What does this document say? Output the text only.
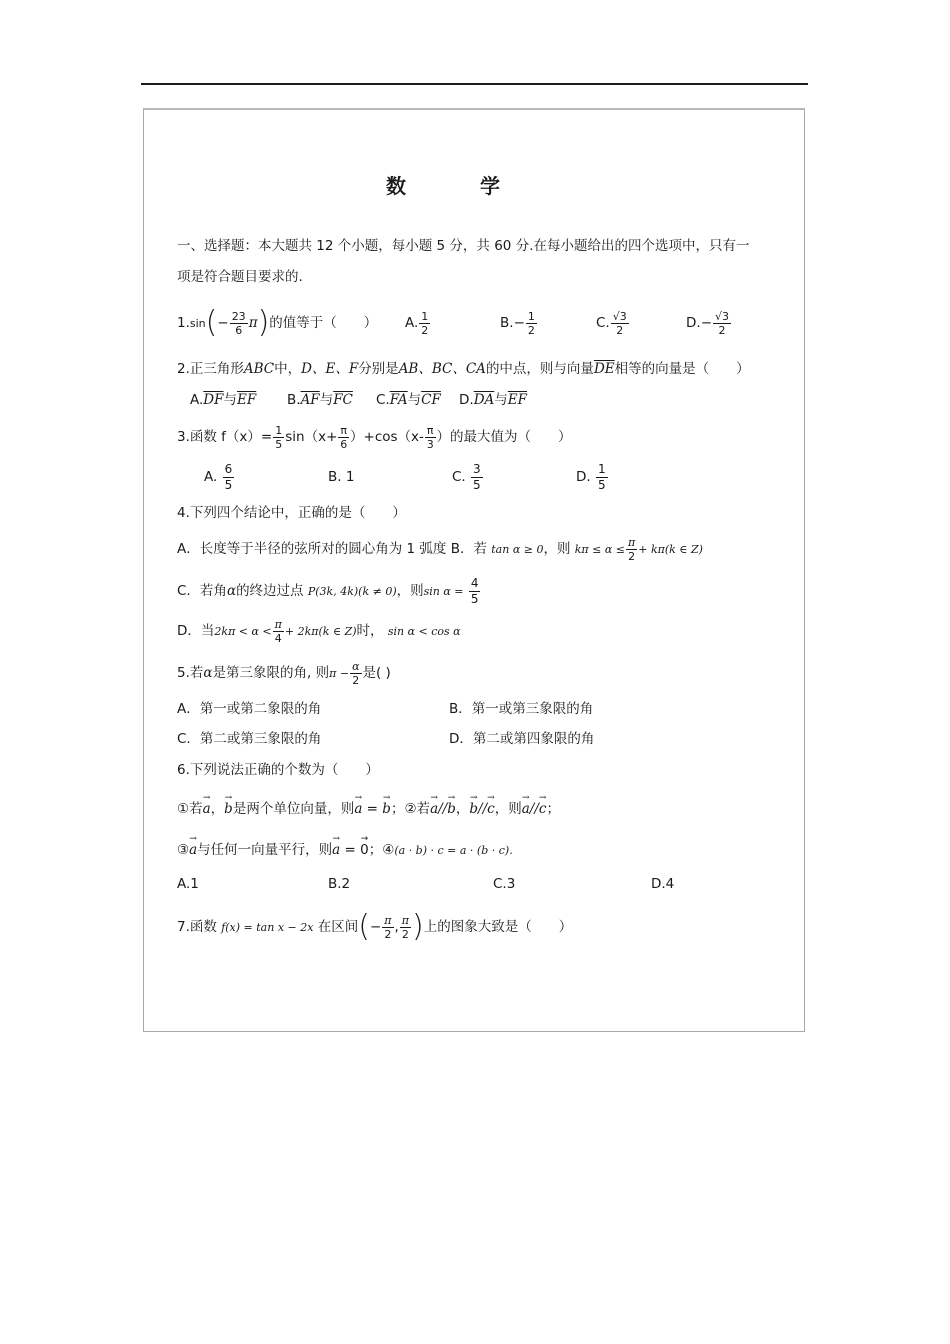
数	学
一、选择题：本大题共 12 个小题，每小题 5 分，共 60 分.在每小题给出的四个选项中，只有一
项是符合题目要求的.
$1.\sin(- \frac{23}{6} \pi)$的值等于（　　） A. $\frac{1}{2}$	$B.- \frac{1}{2}$	C. $\frac{√3}{2}$	$D.- \frac{√3}{2}$
2.正三角形ABC中，D、E、F分别是AB、BC、CA的中点，则与向量$\overline{DE}$相等的向量是（　　）
$A.\overline{DF}$与$\overline{EF}$ $B.\overline{AF}$与$\overline{FC}$ $C.\overline{FA}$与$\overline{CF}$ $D.\overline{DA}$与$\overline{EF}$
3.函数 $f(x)= \frac{1}{5} \sin(x+ \frac{\pi}{6} )+\cos(x- \frac{\pi}{3}$ ）的最大值为（　　）
A. $\frac{6}{5}$	B. 1	C. $\frac{3}{5}$	D. $\frac{1}{5}$
4.下列四个结论中，正确的是（　　）
A．长度等于半径的弦所对的圆心角为 1 弧度 B．若 tan α ≥ 0，则 $k\pi \le \alpha \le \frac{\pi}{2} + k\pi(k$ ∈ Z)
C．若角α的终边过点 P(3k, 4k)(k ≠ 0)，则$\sin \alpha = \frac{4}{5}$
D．当$2k\pi < \alpha < \frac{\pi}{4} + 2k\pi(k$ ∈ Z)时， sin α < cos α
5.若α是第三象限的角, 则$\pi - \frac{\alpha}{2}$ 是( )
A．第一或第二象限的角	B．第一或第三象限的角
C．第二或第三象限的角	D．第二或第四象限的角
6.下列说法正确的个数为（　　）
①若→ a，→ b是两个单位向量，则→ a = → b；②若→ a//→ b，→ b//→ c，则→ a//→ c；
③→ a与任何一向量平行，则→ a = → 0；④(a · b) · c = a · (b · c).
A.1	B.2	C.3	D.4
7.函数 f(x) = tan x − 2x 在区间(− $\frac{\pi}{2}$ , $\frac{\pi}{2}$ )上的图象大致是（　　）
